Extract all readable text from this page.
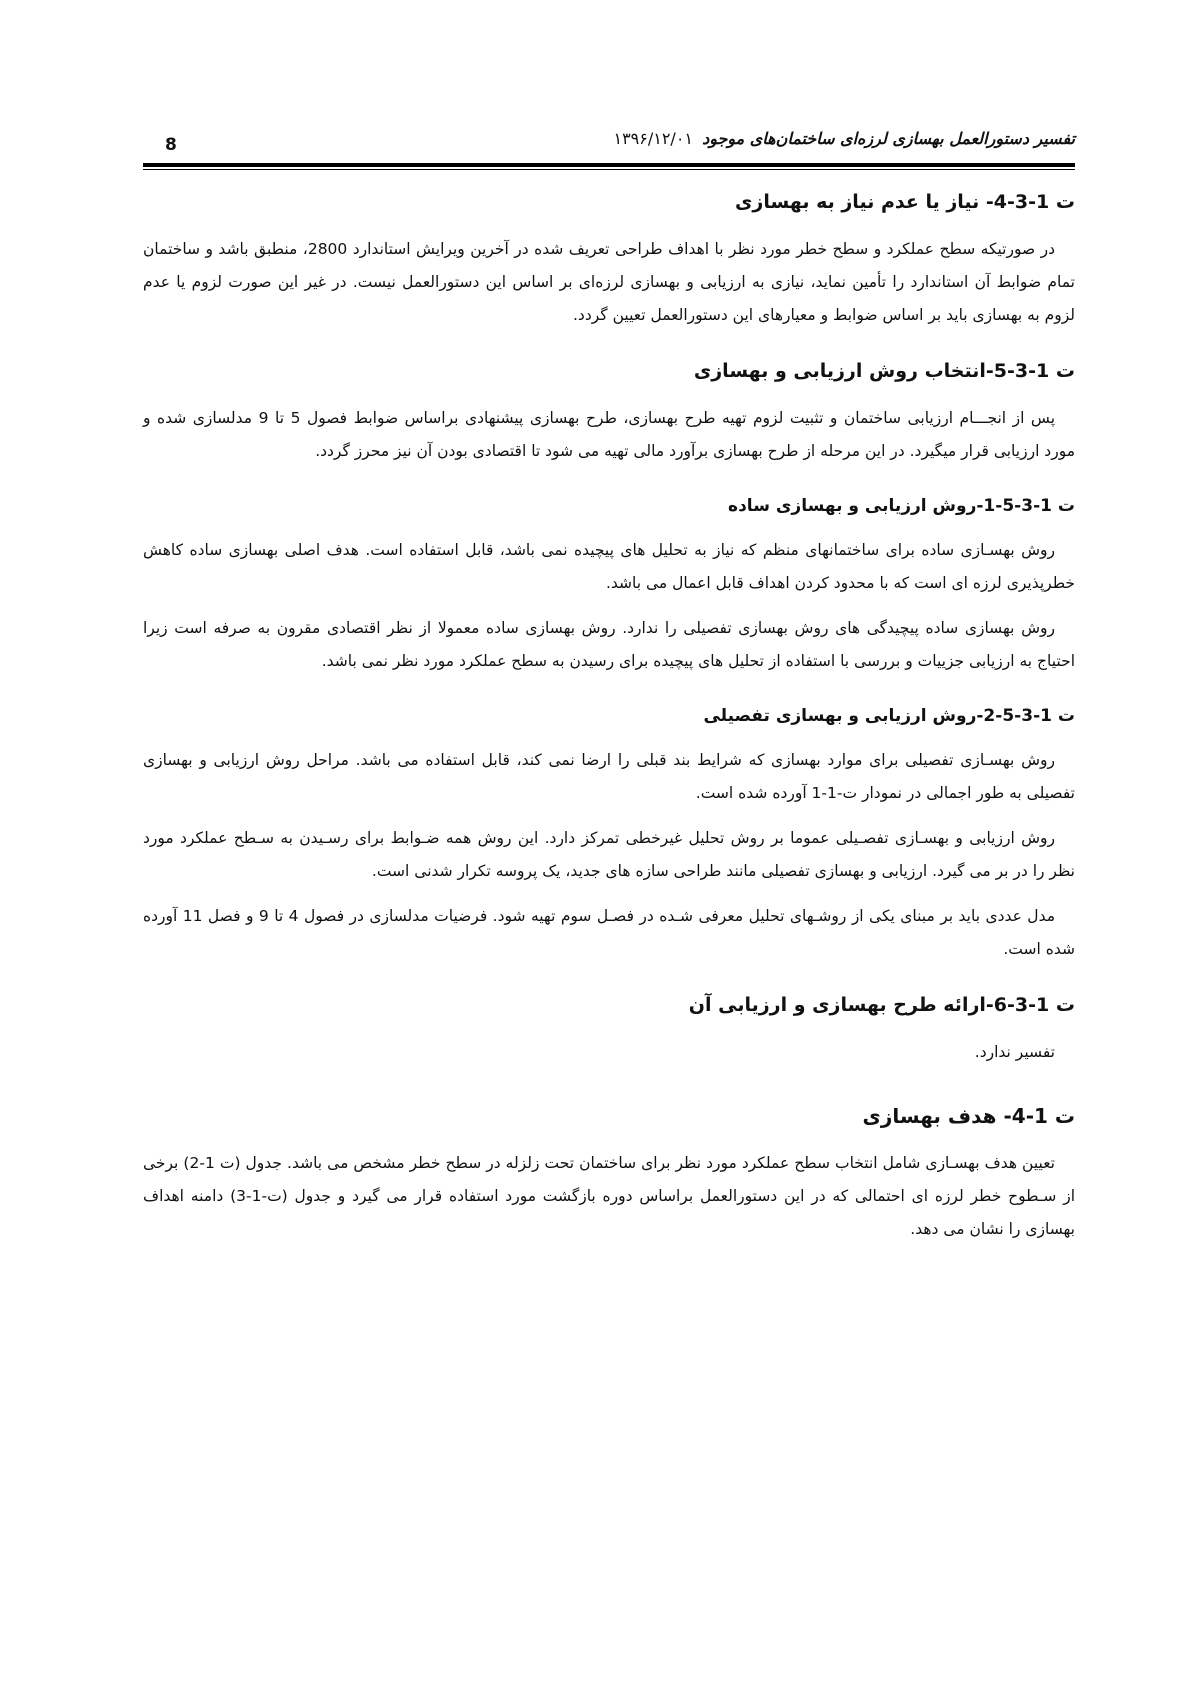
تفسیر دستورالعمل بهسازی لرزه‌ای ساختمان‌های موجود
۱۳۹۶/۱۲/۰۱
8
ت 1-3-4- نیاز یا عدم نیاز به بهسازی

در صورتیکه سطح عملکرد و سطح خطر مورد نظر با اهداف طراحی تعریف شده در آخرین ویرایش استاندارد 2800، منطبق باشد و ساختمان تمام ضوابط آن استاندارد را تأمین نماید، نیازی به ارزیابی و بهسازی لرزه‌ای بر اساس این دستورالعمل نیست. در غیر این صورت لزوم یا عدم لزوم به بهسازی باید بر اساس ضوابط و معیارهای این دستورالعمل تعیین گردد.

ت 1-3-5-انتخاب روش ارزیابی و بهسازی

پس از انجـــام ارزیابی ساختمان و تثبیت لزوم تهیه طرح بهسازی، طرح بهسازی پیشنهادی براساس ضوابط فصول 5 تا 9 مدلسازی شده و مورد ارزیابی قرار میگیرد. در این مرحله از طرح بهسازی برآورد مالی تهیه می شود تا اقتصادی بودن آن نیز محرز گردد.

ت 1-3-5-1-روش ارزیابی و بهسازی ساده

روش بهسـازی ساده برای ساختمانهای منظم که نیاز به تحلیل های پیچیده نمی باشد، قابل استفاده است. هدف اصلی بهسازی ساده کاهش خطرپذیری لرزه ای است که با محدود کردن اهداف قابل اعمال می باشد.

روش بهسازی ساده پیچیدگی های روش بهسازی تفصیلی را ندارد. روش بهسازی ساده معمولا از نظر اقتصادی مقرون به صرفه است زیرا احتیاج به ارزیابی جزییات و بررسی با استفاده از تحلیل های پیچیده برای رسیدن به سطح عملکرد مورد نظر نمی باشد.

ت 1-3-5-2-روش ارزیابی و بهسازی تفصیلی

روش بهسـازی تفصیلی برای موارد بهسازی که شرایط بند قبلی را ارضا نمی کند، قابل استفاده می باشد. مراحل روش ارزیابی و بهسازی تفصیلی به طور اجمالی در نمودار ت-1-1 آورده شده است.

روش ارزیابی و بهسـازی تفصـیلی عموما بر روش تحلیل غیرخطی تمرکز دارد. این روش همه ضـوابط برای رسـیدن به سـطح عملکرد مورد نظر را در بر می گیرد. ارزیابی و بهسازی تفصیلی مانند طراحی سازه های جدید، یک پروسه تکرار شدنی است.

مدل عددی باید بر مبنای یکی از روشـهای تحلیل معرفی شـده در فصـل سوم تهیه شود. فرضیات مدلسازی در فصول 4 تا 9 و فصل 11 آورده شده است.

ت 1-3-6-ارائه طرح بهسازی و ارزیابی آن

تفسیر ندارد.

ت 1-4- هدف بهسازی

تعیین هدف بهسـازی شامل انتخاب سطح عملکرد مورد نظر برای ساختمان تحت زلزله در سطح خطر مشخص می باشد. جدول (ت 1-2) برخی از سـطوح خطر لرزه ای احتمالی که در این دستورالعمل براساس دوره بازگشت مورد استفاده قرار می گیرد و جدول (ت-1-3) دامنه اهداف بهسازی را نشان می دهد.
